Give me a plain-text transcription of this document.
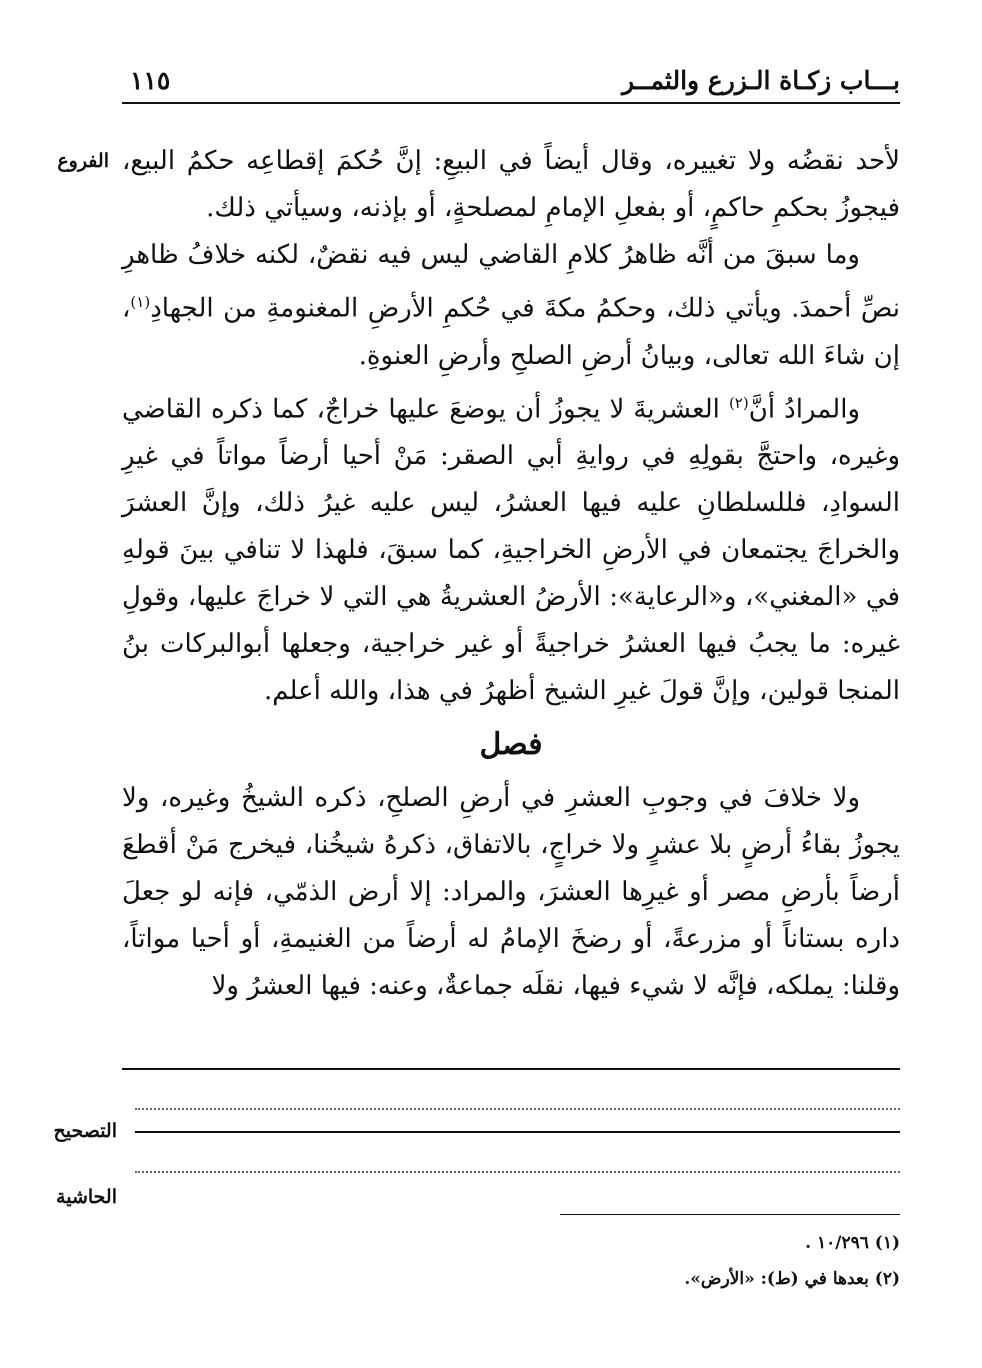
بـــاب زكـاة الـزرع والثمــر
١١٥
الفروع لأحد نقضُه ولا تغييره، وقال أيضاً في البيعِ: إنَّ حُكمَ إقطاعِه حكمُ البيع، فيجوزُ بحكمِ حاكمٍ، أو بفعلِ الإمامِ لمصلحةٍ، أو بإذنه، وسيأتي ذلك.

وما سبقَ من أنَّه ظاهرُ كلامِ القاضي ليس فيه نقضٌ، لكنه خلافُ ظاهرِ نصِّ أحمدَ. ويأتي ذلك، وحكمُ مكةَ في حُكمِ الأرضِ المغنومةِ من الجهادِ$^{(١)}$، إن شاءَ الله تعالى، وبيانُ أرضِ الصلحِ وأرضِ العنوةِ.

والمرادُ أنَّ$^{(٢)}$ العشريةَ لا يجوزُ أن يوضعَ عليها خراجٌ، كما ذكره القاضي وغيره، واحتجَّ بقولِهِ في روايةِ أبي الصقر: مَنْ أحيا أرضاً مواتاً في غيرِ السوادِ، فللسلطانِ عليه فيها العشرُ، ليس عليه غيرُ ذلك، وإنَّ العشرَ والخراجَ يجتمعان في الأرضِ الخراجيةِ، كما سبقَ، فلهذا لا تنافي بينَ قولهِ في «المغني»، و«الرعاية»: الأرضُ العشريةُ هي التي لا خراجَ عليها، وقولِ غيره: ما يجبُ فيها العشرُ خراجيةً أو غير خراجية، وجعلها أبوالبركات بنُ المنجا قولين، وإنَّ قولَ غيرِ الشيخ أظهرُ في هذا، والله أعلم.

فصل

ولا خلافَ في وجوبِ العشرِ في أرضِ الصلحِ، ذكره الشيخُ وغيره، ولا يجوزُ بقاءُ أرضٍ بلا عشرٍ ولا خراجٍ، بالاتفاق، ذكرهُ شيخُنا، فيخرج مَنْ أقطعَ أرضاً بأرضِ مصر أو غيرِها العشرَ، والمراد: إلا أرض الذمّي، فإنه لو جعلَ داره بستاناً أو مزرعةً، أو رضخَ الإمامُ له أرضاً من الغنيمةِ، أو أحيا مواتاً، وقلنا: يملكه، فإنَّه لا شيء فيها، نقلَه جماعةٌ، وعنه: فيها العشرُ ولا

التصحيح
الحاشية
(١) ١٠/٢٩٦ .
(٢) بعدها في (ط): «الأرض».
